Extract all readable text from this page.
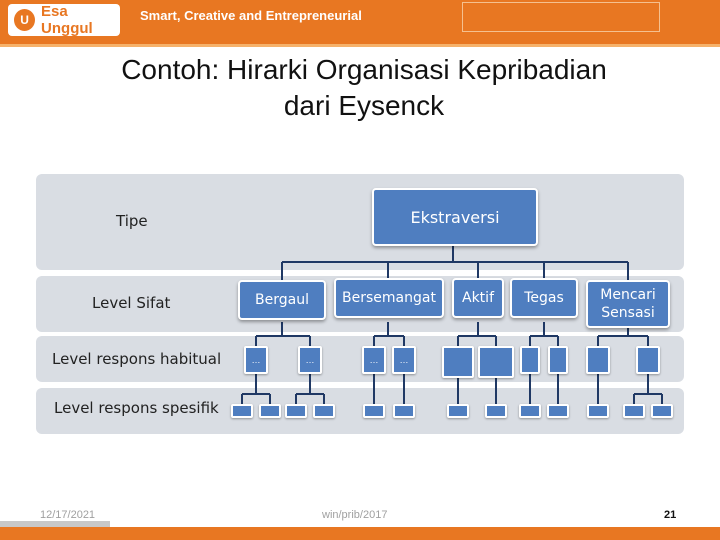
U Esa Unggul
Smart, Creative and Entrepreneurial
Contoh: Hirarki Organisasi Kepribadian
dari Eysenck
Tipe
Level Sifat
Level respons habitual
Level respons spesifik
Ekstraversi
Bergaul	Bersemangat	Aktif	Tegas	Mencari Sensasi
…	…	…	…
12/17/2021	win/prib/2017	21
